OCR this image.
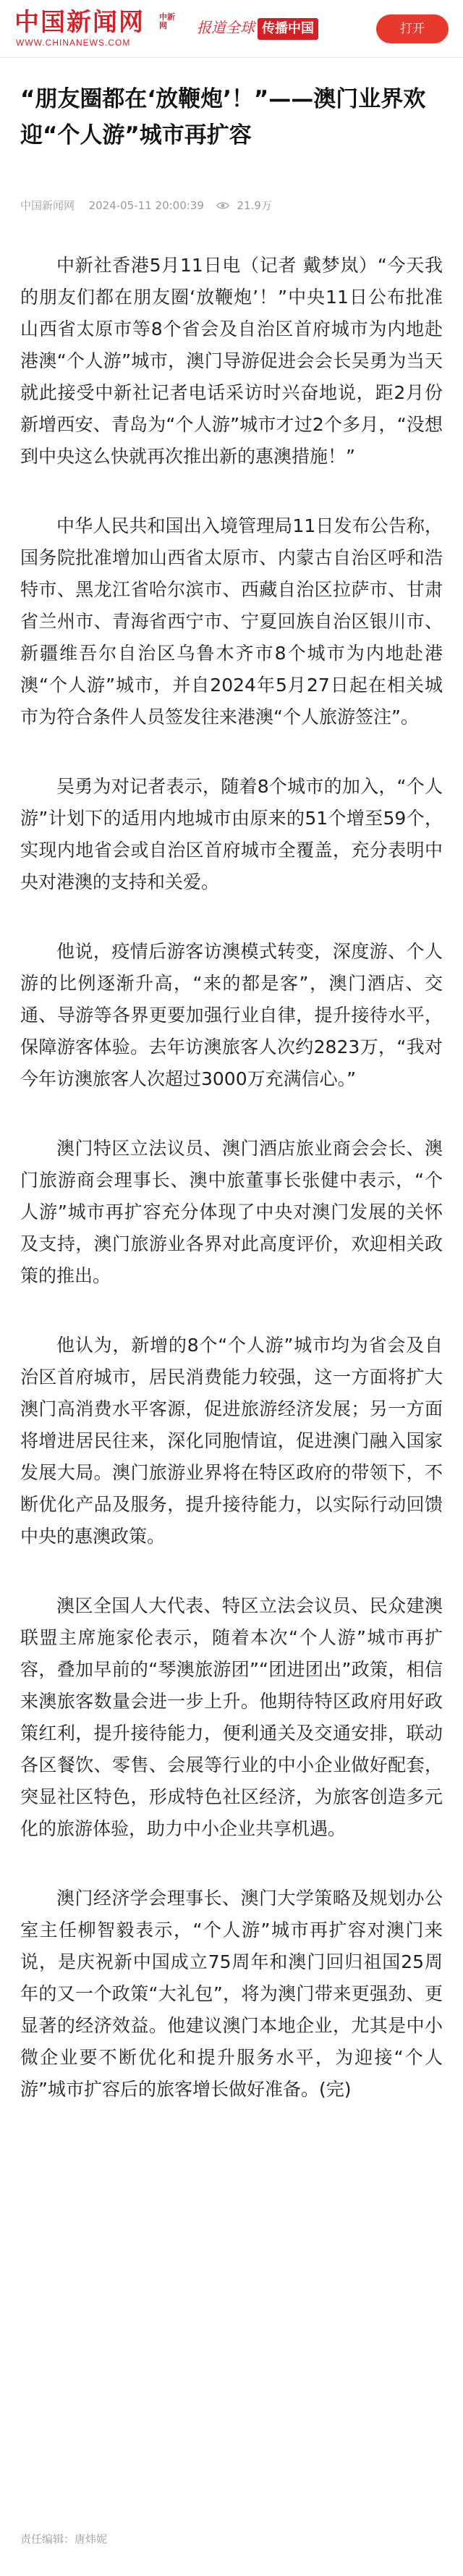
中国新闻网 中新网
WWW.CHINANEWS.COM
报道全球 传播中国	打开
“朋友圈都在‘放鞭炮’！”——澳门业界欢迎“个人游”城市再扩容
中国新闻网 2024-05-11 20:00:39	21.9万

中新社香港5月11日电（记者 戴梦岚）“今天我的朋友们都在朋友圈‘放鞭炮’！”中央11日公布批准山西省太原市等8个省会及自治区首府城市为内地赴港澳“个人游”城市，澳门导游促进会会长吴勇为当天就此接受中新社记者电话采访时兴奋地说，距2月份新增西安、青岛为“个人游”城市才过2个多月，“没想到中央这么快就再次推出新的惠澳措施！”

中华人民共和国出入境管理局11日发布公告称，国务院批准增加山西省太原市、内蒙古自治区呼和浩特市、黑龙江省哈尔滨市、西藏自治区拉萨市、甘肃省兰州市、青海省西宁市、宁夏回族自治区银川市、新疆维吾尔自治区乌鲁木齐市8个城市为内地赴港澳“个人游”城市，并自2024年5月27日起在相关城市为符合条件人员签发往来港澳“个人旅游签注”。

吴勇为对记者表示，随着8个城市的加入，“个人游”计划下的适用内地城市由原来的51个增至59个，实现内地省会或自治区首府城市全覆盖，充分表明中央对港澳的支持和关爱。

他说，疫情后游客访澳模式转变，深度游、个人游的比例逐渐升高，“来的都是客”，澳门酒店、交通、导游等各界更要加强行业自律，提升接待水平，保障游客体验。去年访澳旅客人次约2823万，“我对今年访澳旅客人次超过3000万充满信心。”

澳门特区立法议员、澳门酒店旅业商会会长、澳门旅游商会理事长、澳中旅董事长张健中表示，“个人游”城市再扩容充分体现了中央对澳门发展的关怀及支持，澳门旅游业各界对此高度评价，欢迎相关政策的推出。

他认为，新增的8个“个人游”城市均为省会及自治区首府城市，居民消费能力较强，这一方面将扩大澳门高消费水平客源，促进旅游经济发展；另一方面将增进居民往来，深化同胞情谊，促进澳门融入国家发展大局。澳门旅游业界将在特区政府的带领下，不断优化产品及服务，提升接待能力，以实际行动回馈中央的惠澳政策。

澳区全国人大代表、特区立法会议员、民众建澳联盟主席施家伦表示，随着本次“个人游”城市再扩容，叠加早前的“琴澳旅游团”“团进团出”政策，相信来澳旅客数量会进一步上升。他期待特区政府用好政策红利，提升接待能力，便利通关及交通安排，联动各区餐饮、零售、会展等行业的中小企业做好配套，突显社区特色，形成特色社区经济，为旅客创造多元化的旅游体验，助力中小企业共享机遇。

澳门经济学会理事长、澳门大学策略及规划办公室主任柳智毅表示，“个人游”城市再扩容对澳门来说，是庆祝新中国成立75周年和澳门回归祖国25周年的又一个政策“大礼包”，将为澳门带来更强劲、更显著的经济效益。他建议澳门本地企业，尤其是中小微企业要不断优化和提升服务水平，为迎接“个人游”城市扩容后的旅客增长做好准备。(完)

责任编辑：唐炜妮
